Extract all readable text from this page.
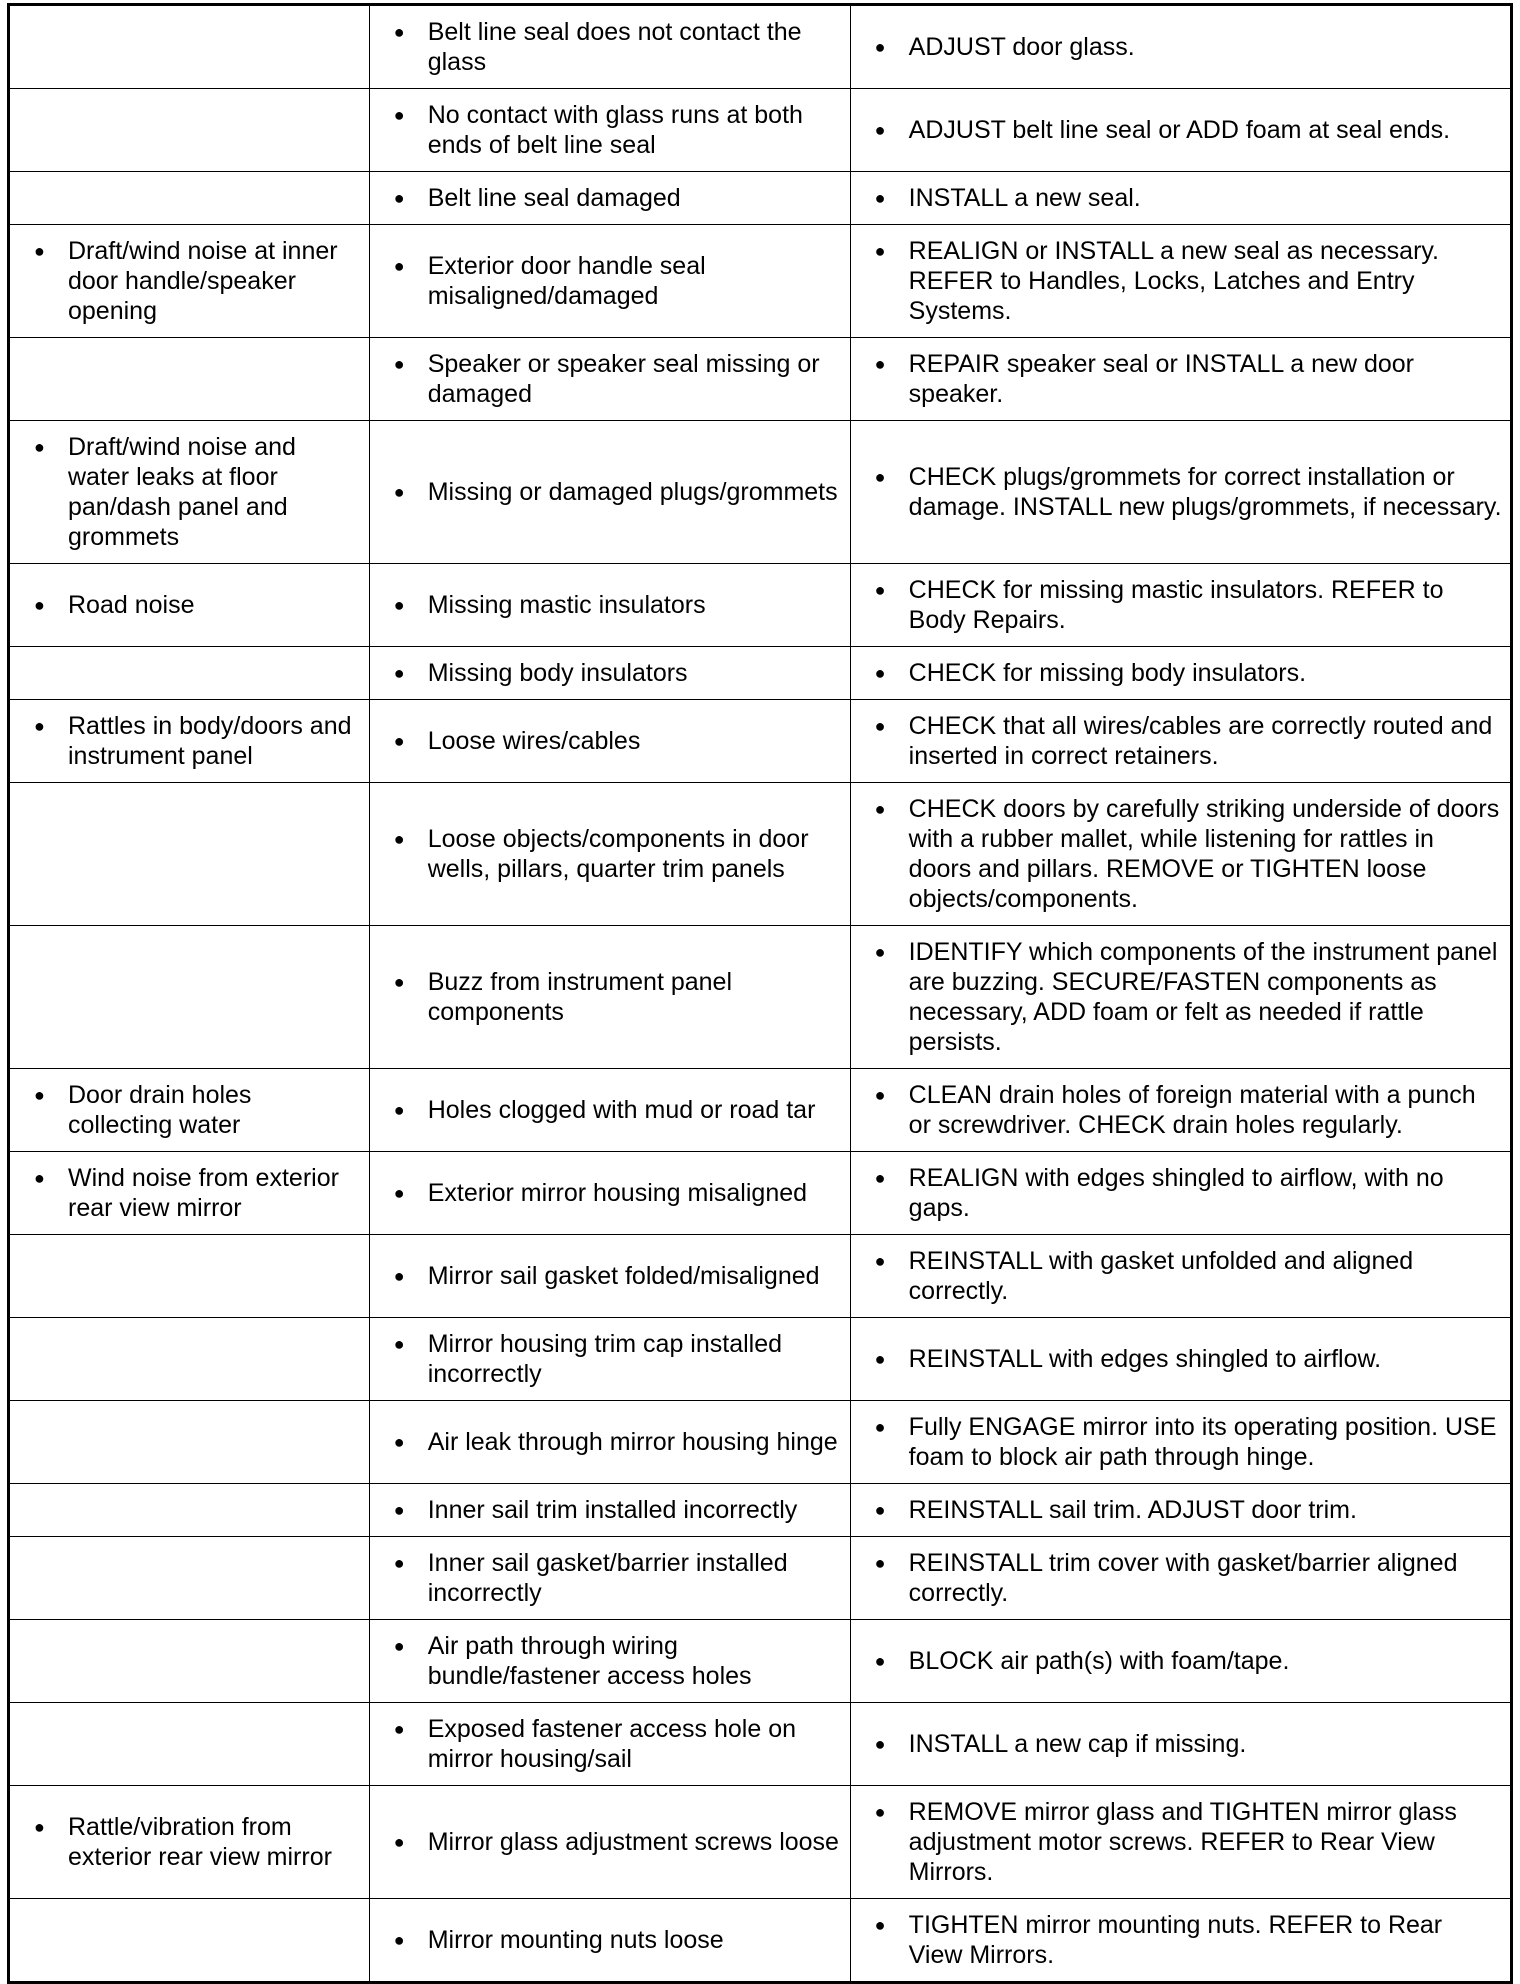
	● Belt line seal does not contact the glass	● ADJUST door glass.

	● No contact with glass runs at both ends of belt line seal	● ADJUST belt line seal or ADD foam at seal ends.

	● Belt line seal damaged	● INSTALL a new seal.

● Draft/wind noise at inner door handle/speaker opening	● Exterior door handle seal misaligned/damaged	● REALIGN or INSTALL a new seal as necessary. REFER to Handles, Locks, Latches and Entry Systems.

	● Speaker or speaker seal missing or damaged	● REPAIR speaker seal or INSTALL a new door speaker.

● Draft/wind noise and water leaks at floor pan/dash panel and grommets	● Missing or damaged plugs/grommets	● CHECK plugs/grommets for correct installation or damage. INSTALL new plugs/grommets, if necessary.

● Road noise	● Missing mastic insulators	● CHECK for missing mastic insulators. REFER to Body Repairs.

	● Missing body insulators	● CHECK for missing body insulators.

● Rattles in body/doors and instrument panel	● Loose wires/cables	● CHECK that all wires/cables are correctly routed and inserted in correct retainers.

	● Loose objects/components in door wells, pillars, quarter trim panels	● CHECK doors by carefully striking underside of doors with a rubber mallet, while listening for rattles in doors and pillars. REMOVE or TIGHTEN loose objects/components.

	● Buzz from instrument panel components	● IDENTIFY which components of the instrument panel are buzzing. SECURE/FASTEN components as necessary, ADD foam or felt as needed if rattle persists.

● Door drain holes collecting water	● Holes clogged with mud or road tar	● CLEAN drain holes of foreign material with a punch or screwdriver. CHECK drain holes regularly.

● Wind noise from exterior rear view mirror	● Exterior mirror housing misaligned	● REALIGN with edges shingled to airflow, with no gaps.

	● Mirror sail gasket folded/misaligned	● REINSTALL with gasket unfolded and aligned correctly.

	● Mirror housing trim cap installed incorrectly	● REINSTALL with edges shingled to airflow.

	● Air leak through mirror housing hinge	● Fully ENGAGE mirror into its operating position. USE foam to block air path through hinge.

	● Inner sail trim installed incorrectly	● REINSTALL sail trim. ADJUST door trim.

	● Inner sail gasket/barrier installed incorrectly	● REINSTALL trim cover with gasket/barrier aligned correctly.

	● Air path through wiring bundle/fastener access holes	● BLOCK air path(s) with foam/tape.

	● Exposed fastener access hole on mirror housing/sail	● INSTALL a new cap if missing.

● Rattle/vibration from exterior rear view mirror	● Mirror glass adjustment screws loose	● REMOVE mirror glass and TIGHTEN mirror glass adjustment motor screws. REFER to Rear View Mirrors.

	● Mirror mounting nuts loose	● TIGHTEN mirror mounting nuts. REFER to Rear View Mirrors.
